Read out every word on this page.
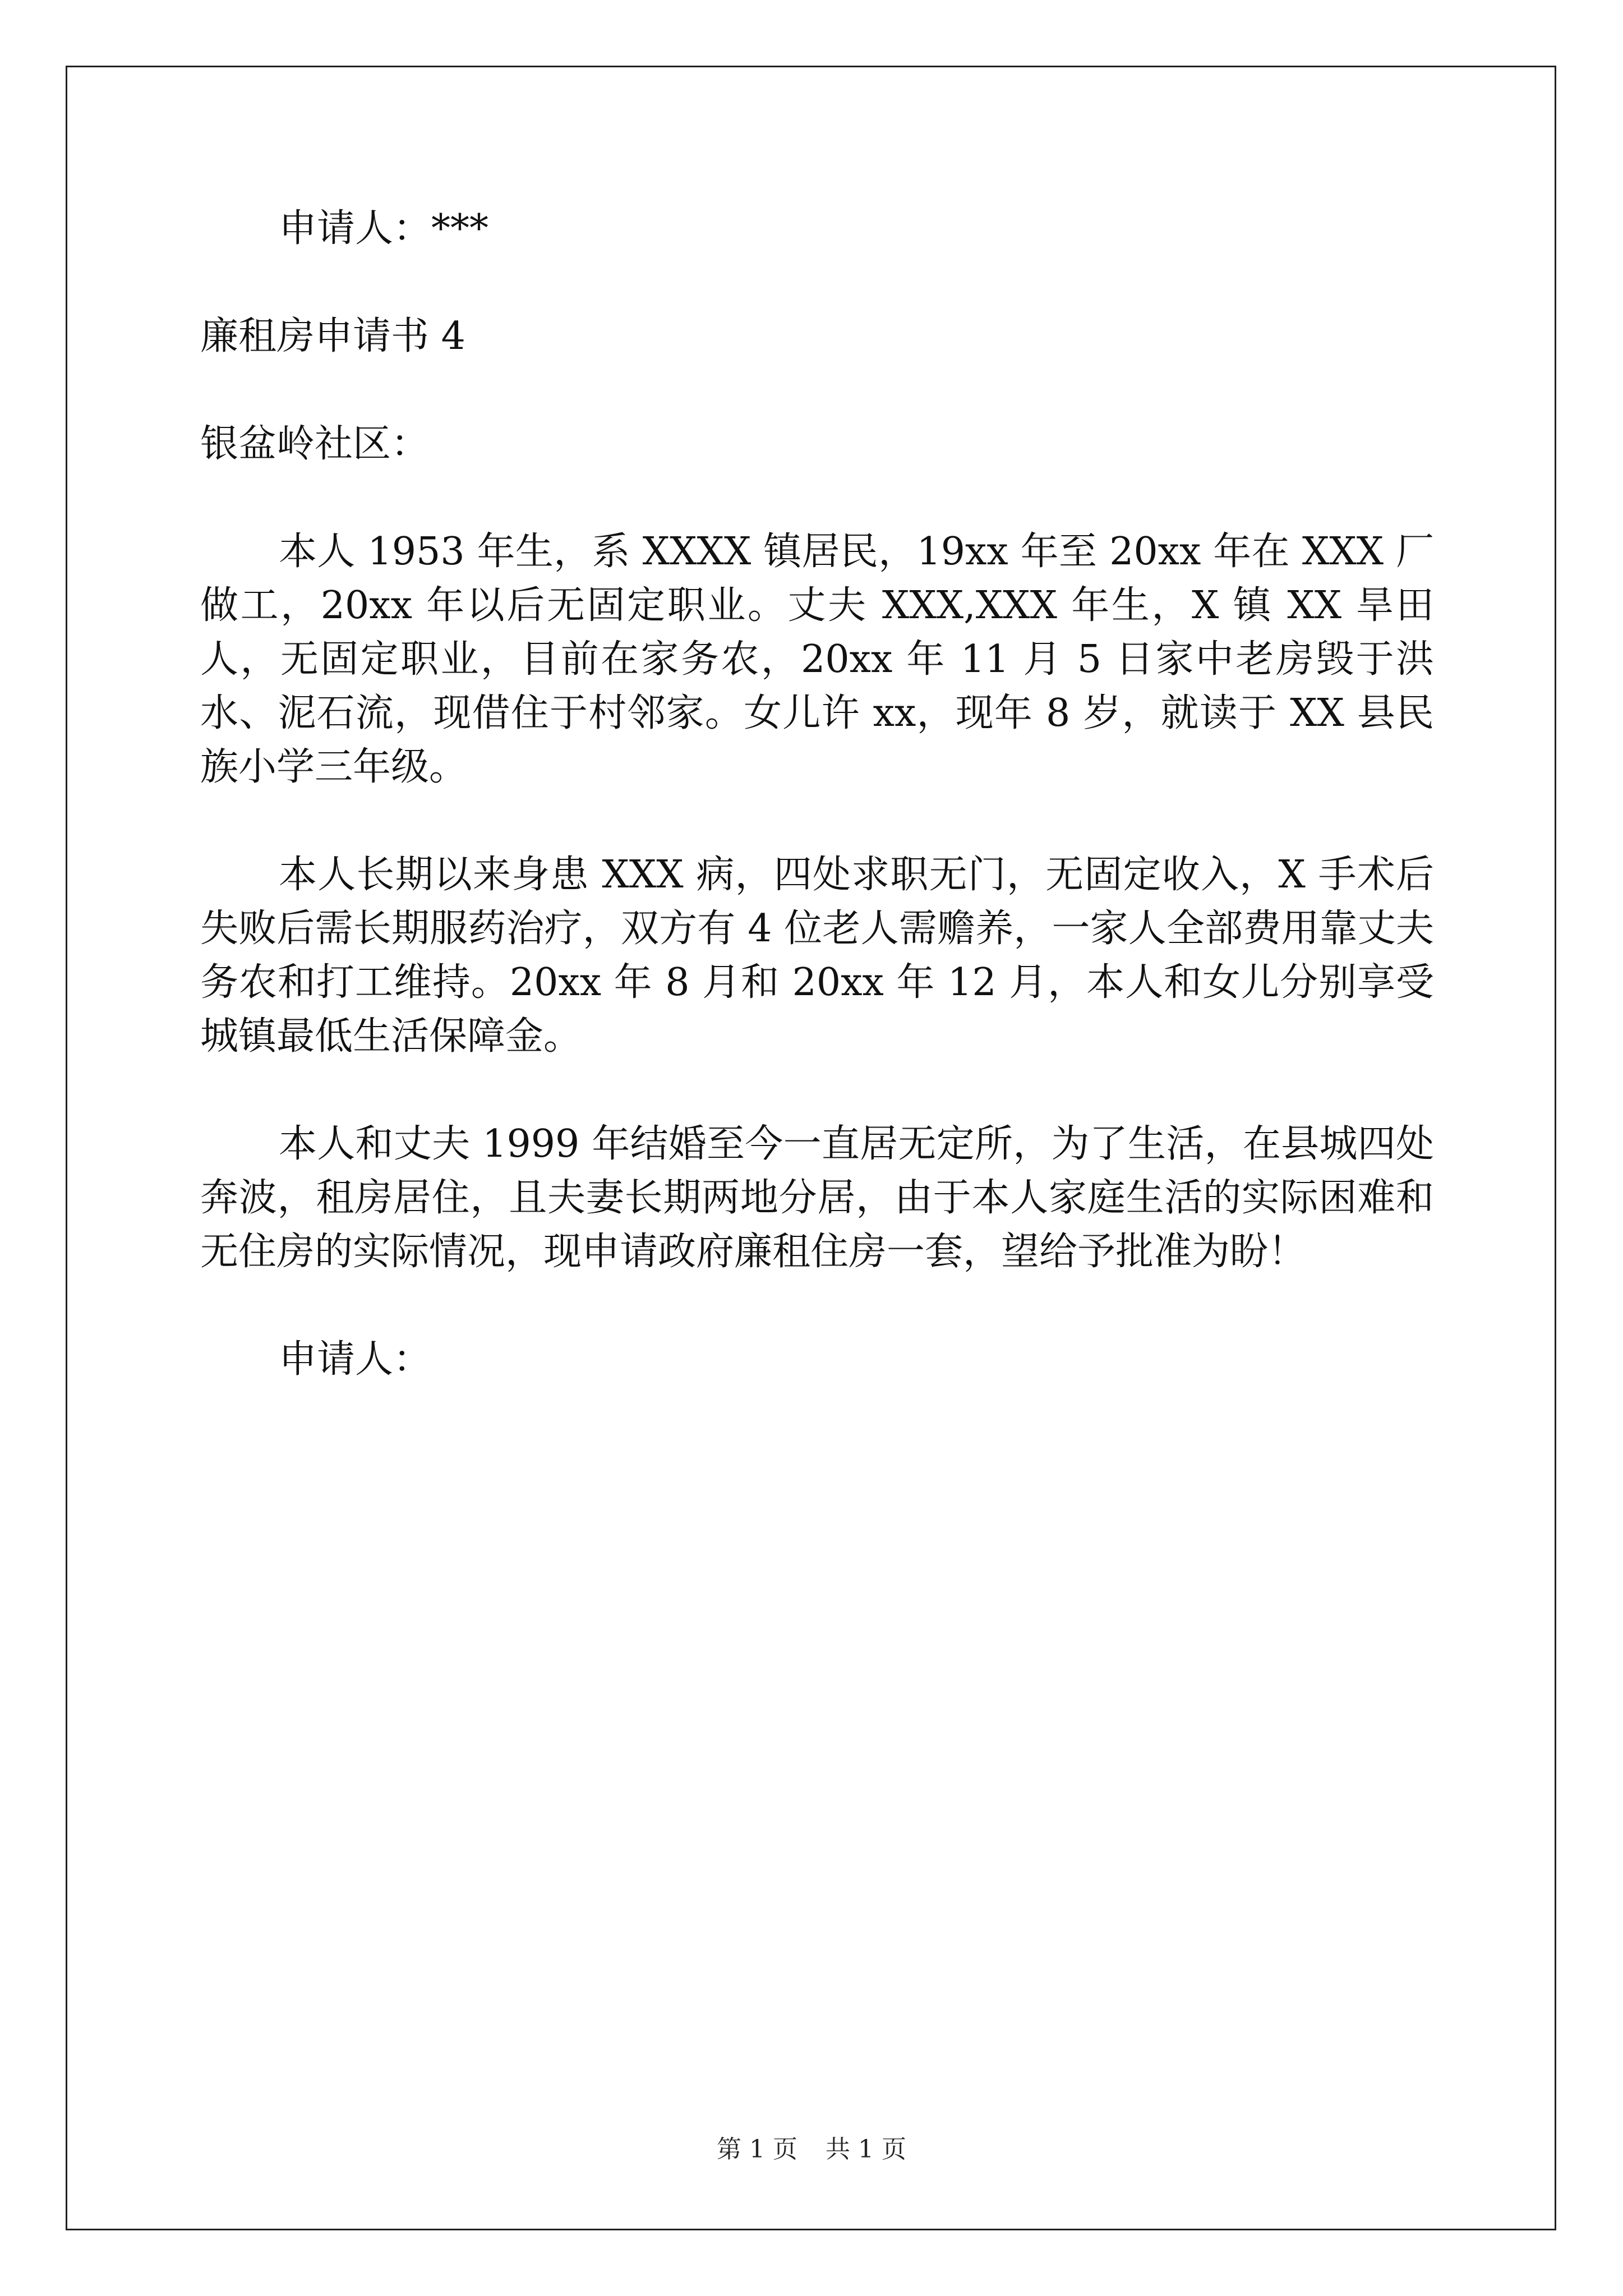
申请人：***
廉租房申请书 4
银盆岭社区：

本人 1953 年生，系 XXXX 镇居民，19xx 年至 20xx 年在 XXX 厂做工，20xx 年以后无固定职业。丈夫 XXX,XXX 年生，X 镇 XX 旱田人，无固定职业，目前在家务农，20xx 年 11 月 5 日家中老房毁于洪水、泥石流，现借住于村邻家。女儿许 xx，现年 8 岁，就读于 XX 县民族小学三年级。

本人长期以来身患 XXX 病，四处求职无门，无固定收入，X 手术后失败后需长期服药治疗，双方有 4 位老人需赡养，一家人全部费用靠丈夫务农和打工维持。20xx 年 8 月和 20xx 年 12 月，本人和女儿分别享受城镇最低生活保障金。

本人和丈夫 1999 年结婚至今一直居无定所，为了生活，在县城四处奔波，租房居住，且夫妻长期两地分居，由于本人家庭生活的实际困难和无住房的实际情况，现申请政府廉租住房一套，望给予批准为盼！

申请人：
第 1 页 共 1 页
